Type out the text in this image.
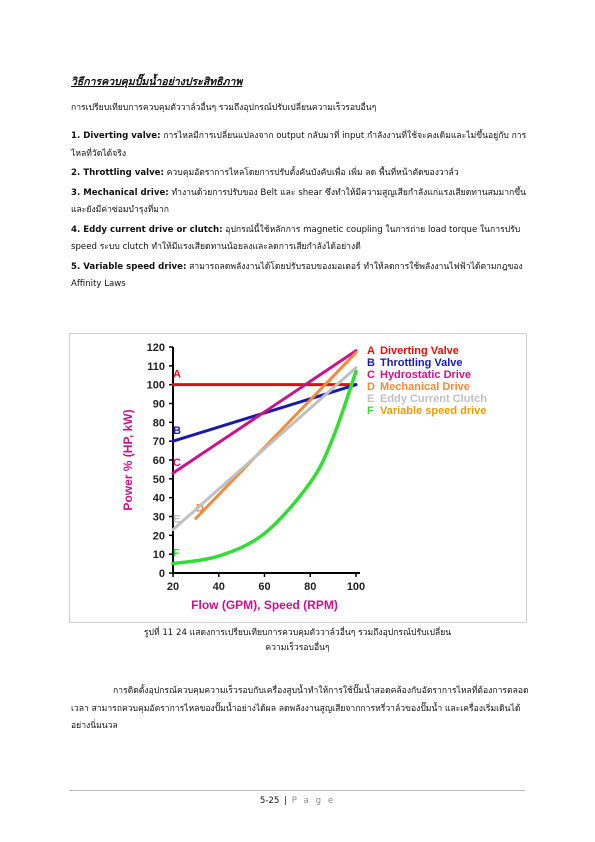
วิธีการควบคุมปั๊มน้ำอย่างประสิทธิภาพ
การเปรียบเทียบการควบคุมตัววาล์วอื่นๆ รวมถึงอุปกรณ์ปรับเปลี่ยนความเร็วรอบอื่นๆ

1. Diverting valve: การไหลมีการเปลี่ยนแปลงจาก output กลับมาที่ input กำลังงานที่ใช้จะคงเดิมและไม่ขึ้นอยู่กับ การไหลที่วัดได้จริง

2. Throttling valve: ควบคุมอัตราการไหลโดยการปรับตั้งคันบังคับเพื่อ เพิ่ม ลด พื้นที่หน้าตัดของวาล์ว

3. Mechanical drive: ทำงานด้วยการปรับของ Belt และ shear ซึ่งทำให้มีความสูญเสียกำลังแก่แรงเสียดทานสมมากขึ้นและยังมีค่าซ่อมบำรุงที่มาก

4. Eddy current drive or clutch: อุปกรณ์นี้ใช้หลักการ magnetic coupling ในการถ่าย load torque ในการปรับ speed ระบบ clutch ทำให้มีแรงเสียดทานน้อยลงและลดการเสียกำลังได้อย่างดี

5. Variable speed drive: สามารถลดพลังงานได้โดยปรับรอบของมอเตอร์ ทำให้ลดการใช้พลังงานไฟฟ้าได้ตามกฎของ Affinity Laws

0
10
20
30
40
50
60
70
80
90
100
110
120
20	40	60	80	100
Flow (GPM), Speed (RPM)
Power % (HP, kW)
A
A Diverting Valve
B
B Throttling Valve
C
C Hydrostatic Drive
D
D Mechanical Drive
E
E Eddy Current Clutch
F
F Variable speed drive
รูปที่ 11 24 แสดงการเปรียบเทียบการควบคุมตัววาล์วอื่นๆ รวมถึงอุปกรณ์ปรับเปลี่ยน
ความเร็วรอบอื่นๆ
การติดตั้งอุปกรณ์ควบคุมความเร็วรอบกับเครื่องสูบน้ำทำให้การใช้ปั๊มน้ำสอดคล้องกับอัตราการไหลที่ต้องการตลอดเวลา สามารถควบคุมอัตราการไหลของปั๊มน้ำอย่างได้ผล ลดพลังงานสูญเสียจากการหรี่วาล์วของปั๊มน้ำ และเครื่องเริ่มเดินได้อย่างนิ่มนวล
5-25 | P a g e
